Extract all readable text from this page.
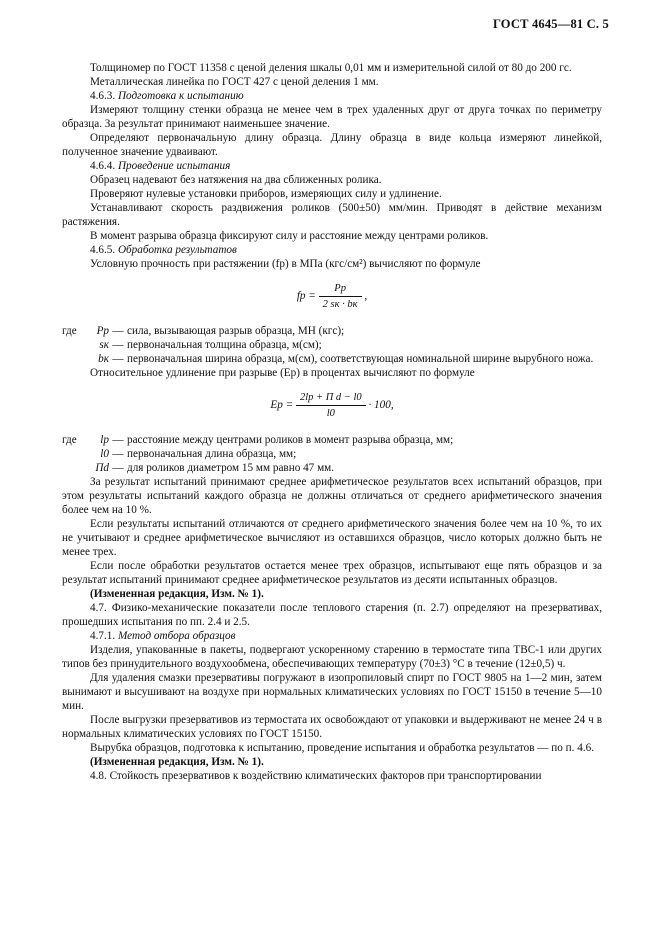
ГОСТ 4645—81 С. 5

Толщиномер по ГОСТ 11358 с ценой деления шкалы 0,01 мм и измерительной силой от 80 до 200 гс.

Металлическая линейка по ГОСТ 427 с ценой деления 1 мм.

4.6.3. Подготовка к испытанию

Измеряют толщину стенки образца не менее чем в трех удаленных друг от друга точках по периметру образца. За результат принимают наименьшее значение.

Определяют первоначальную длину образца. Длину образца в виде кольца измеряют линейкой, полученное значение удваивают.

4.6.4. Проведение испытания

Образец надевают без натяжения на два сближенных ролика.

Проверяют нулевые установки приборов, измеряющих силу и удлинение.

Устанавливают скорость раздвижения роликов (500±50) мм/мин. Приводят в действие механизм растяжения.

В момент разрыва образца фиксируют силу и расстояние между центрами роликов.

4.6.5. Обработка результатов

Условную прочность при растяжении (fр) в МПа (кгс/см²) вычисляют по формуле

fр = $\frac{Pр}{2 sк \cdot bк}$ ,
где	Pр — сила, вызывающая разрыв образца, МН (кгс);
sк — первоначальная толщина образца, м(см);
bк — первоначальная ширина образца, м(см), соответствующая номинальной ширине вырубного ножа.

Относительное удлинение при разрыве (Eр) в процентах вычисляют по формуле

Eр = $\frac{\text{2lр + П d − l0}}{l0} \cdot 100$,
где	lр — расстояние между центрами роликов в момент разрыва образца, мм;
l0 — первоначальная длина образца, мм;
Пd — для роликов диаметром 15 мм равно 47 мм.

За результат испытаний принимают среднее арифметическое результатов всех испытаний образцов, при этом результаты испытаний каждого образца не должны отличаться от среднего арифметического значения более чем на 10 %.

Если результаты испытаний отличаются от среднего арифметического значения более чем на 10 %, то их не учитывают и среднее арифметическое вычисляют из оставшихся образцов, число которых должно быть не менее трех.

Если после обработки результатов остается менее трех образцов, испытывают еще пять образцов и за результат испытаний принимают среднее арифметическое результатов из десяти испытанных образцов.

(Измененная редакция, Изм. № 1).

4.7. Физико-механические показатели после теплового старения (п. 2.7) определяют на презервативах, прошедших испытания по пп. 2.4 и 2.5.

4.7.1. Метод отбора образцов

Изделия, упакованные в пакеты, подвергают ускоренному старению в термостате типа ТВС-1 или других типов без принудительного воздухообмена, обеспечивающих температуру (70±3) °С в течение (12±0,5) ч.

Для удаления смазки презервативы погружают в изопропиловый спирт по ГОСТ 9805 на 1—2 мин, затем вынимают и высушивают на воздухе при нормальных климатических условиях по ГОСТ 15150 в течение 5—10 мин.

После выгрузки презервативов из термостата их освобождают от упаковки и выдерживают не менее 24 ч в нормальных климатических условиях по ГОСТ 15150.

Вырубка образцов, подготовка к испытанию, проведение испытания и обработка результатов — по п. 4.6.

(Измененная редакция, Изм. № 1).

4.8. Стойкость презервативов к воздействию климатических факторов при транспортировании
